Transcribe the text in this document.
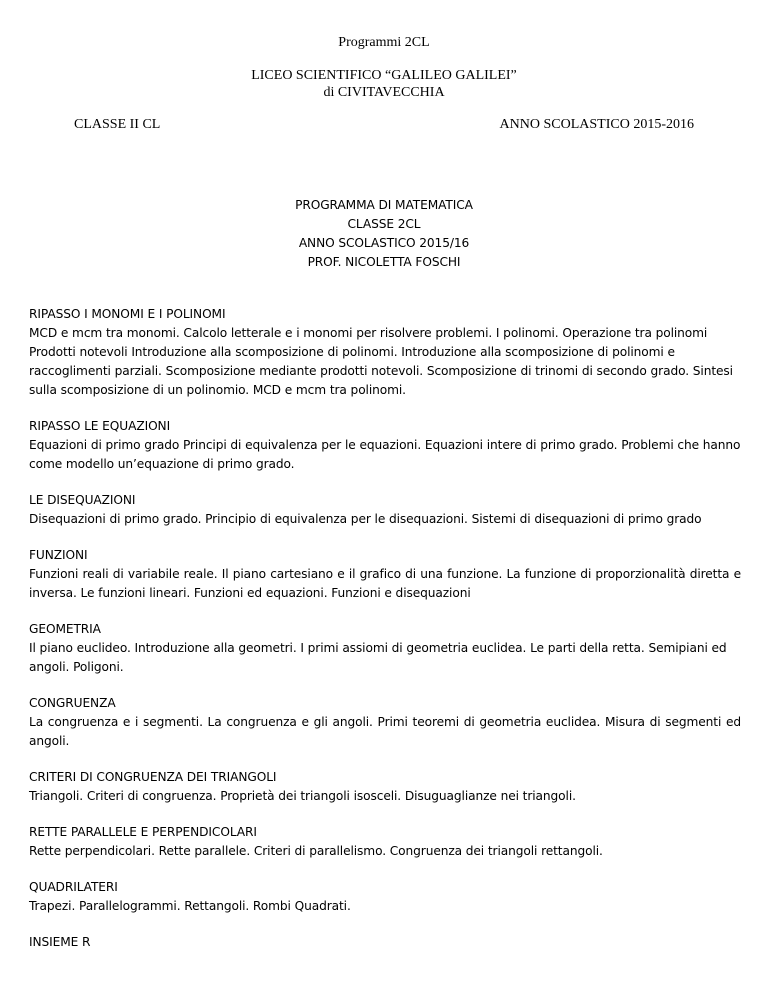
Programmi 2CL
LICEO SCIENTIFICO “GALILEO GALILEI”
di CIVITAVECCHIA
CLASSE II CL	ANNO SCOLASTICO 2015-2016
PROGRAMMA DI MATEMATICA
CLASSE 2CL
ANNO SCOLASTICO 2015/16
PROF. NICOLETTA FOSCHI
RIPASSO I MONOMI E I POLINOMI
MCD e mcm tra monomi. Calcolo letterale e i monomi per risolvere problemi. I polinomi. Operazione tra polinomi Prodotti notevoli Introduzione alla scomposizione di polinomi. Introduzione alla scomposizione di polinomi e raccoglimenti parziali. Scomposizione mediante prodotti notevoli. Scomposizione di trinomi di secondo grado. Sintesi sulla scomposizione di un polinomio. MCD e mcm tra polinomi.
RIPASSO LE EQUAZIONI
Equazioni di primo grado Principi di equivalenza per le equazioni. Equazioni intere di primo grado. Problemi che hanno come modello un’equazione di primo grado.
LE DISEQUAZIONI
Disequazioni di primo grado. Principio di equivalenza per le disequazioni. Sistemi di disequazioni di primo grado
FUNZIONI
Funzioni reali di variabile reale. Il piano cartesiano e il grafico di una funzione. La funzione di proporzionalità diretta e inversa. Le funzioni lineari. Funzioni ed equazioni. Funzioni e disequazioni
GEOMETRIA
Il piano euclideo. Introduzione alla geometri. I primi assiomi di geometria euclidea. Le parti della retta. Semipiani ed angoli. Poligoni.
CONGRUENZA
La congruenza e i segmenti. La congruenza e gli angoli. Primi teoremi di geometria euclidea. Misura di segmenti ed angoli.
CRITERI DI CONGRUENZA DEI TRIANGOLI
Triangoli. Criteri di congruenza. Proprietà dei triangoli isosceli. Disuguaglianze nei triangoli.
RETTE PARALLELE E PERPENDICOLARI
Rette perpendicolari. Rette parallele. Criteri di parallelismo. Congruenza dei triangoli rettangoli.
QUADRILATERI
Trapezi. Parallelogrammi. Rettangoli. Rombi Quadrati.
INSIEME R
